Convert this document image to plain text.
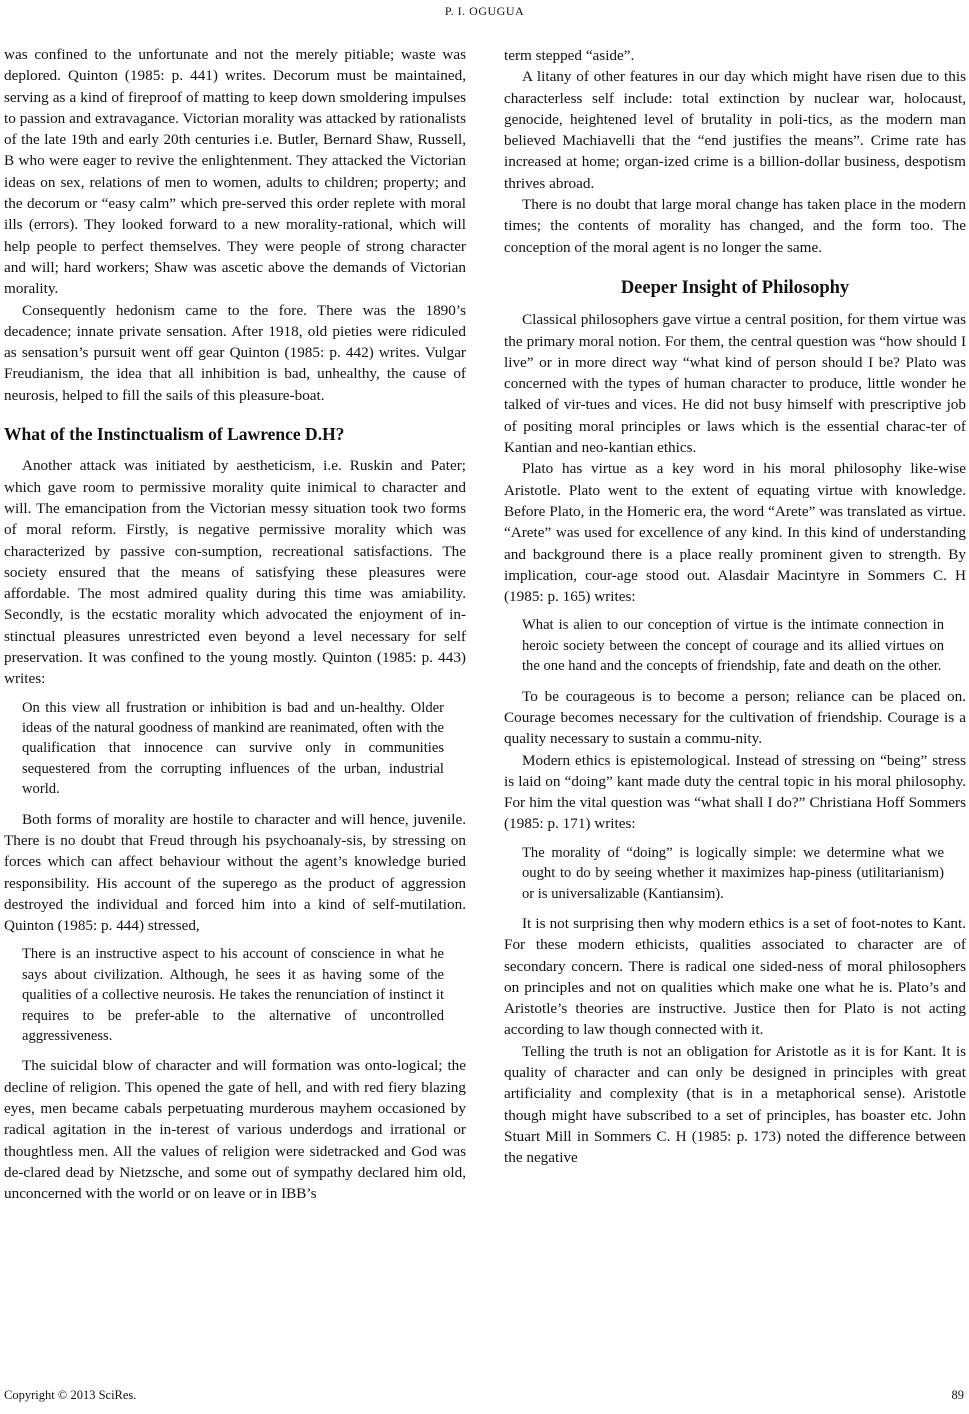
P. I. OGUGUA

was confined to the unfortunate and not the merely pitiable; waste was deplored. Quinton (1985: p. 441) writes. Decorum must be maintained, serving as a kind of fireproof of matting to keep down smoldering impulses to passion and extravagance. Victorian morality was attacked by rationalists of the late 19th and early 20th centuries i.e. Butler, Bernard Shaw, Russell, B who were eager to revive the enlightenment. They attacked the Victorian ideas on sex, relations of men to women, adults to children; property; and the decorum or “easy calm” which pre-served this order replete with moral ills (errors). They looked forward to a new morality-rational, which will help people to perfect themselves. They were people of strong character and will; hard workers; Shaw was ascetic above the demands of Victorian morality.

Consequently hedonism came to the fore. There was the 1890’s decadence; innate private sensation. After 1918, old pieties were ridiculed as sensation’s pursuit went off gear Quinton (1985: p. 442) writes. Vulgar Freudianism, the idea that all inhibition is bad, unhealthy, the cause of neurosis, helped to fill the sails of this pleasure-boat.

What of the Instinctualism of Lawrence D.H?

Another attack was initiated by aestheticism, i.e. Ruskin and Pater; which gave room to permissive morality quite inimical to character and will. The emancipation from the Victorian messy situation took two forms of moral reform. Firstly, is negative permissive morality which was characterized by passive con-sumption, recreational satisfactions. The society ensured that the means of satisfying these pleasures were affordable. The most admired quality during this time was amiability. Secondly, is the ecstatic morality which advocated the enjoyment of in-stinctual pleasures unrestricted even beyond a level necessary for self preservation. It was confined to the young mostly. Quinton (1985: p. 443) writes:

On this view all frustration or inhibition is bad and un-healthy. Older ideas of the natural goodness of mankind are reanimated, often with the qualification that innocence can survive only in communities sequestered from the corrupting influences of the urban, industrial world.

Both forms of morality are hostile to character and will hence, juvenile. There is no doubt that Freud through his psychoanaly-sis, by stressing on forces which can affect behaviour without the agent’s knowledge buried responsibility. His account of the superego as the product of aggression destroyed the individual and forced him into a kind of self-mutilation. Quinton (1985: p. 444) stressed,

There is an instructive aspect to his account of conscience in what he says about civilization. Although, he sees it as having some of the qualities of a collective neurosis. He takes the renunciation of instinct it requires to be prefer-able to the alternative of uncontrolled aggressiveness.

The suicidal blow of character and will formation was onto-logical; the decline of religion. This opened the gate of hell, and with red fiery blazing eyes, men became cabals perpetuating murderous mayhem occasioned by radical agitation in the in-terest of various underdogs and irrational or thoughtless men. All the values of religion were sidetracked and God was de-clared dead by Nietzsche, and some out of sympathy declared him old, unconcerned with the world or on leave or in IBB’s

term stepped “aside”.

A litany of other features in our day which might have risen due to this characterless self include: total extinction by nuclear war, holocaust, genocide, heightened level of brutality in poli-tics, as the modern man believed Machiavelli that the “end justifies the means”. Crime rate has increased at home; organ-ized crime is a billion-dollar business, despotism thrives abroad.

There is no doubt that large moral change has taken place in the modern times; the contents of morality has changed, and the form too. The conception of the moral agent is no longer the same.

Deeper Insight of Philosophy

Classical philosophers gave virtue a central position, for them virtue was the primary moral notion. For them, the central question was “how should I live” or in more direct way “what kind of person should I be? Plato was concerned with the types of human character to produce, little wonder he talked of vir-tues and vices. He did not busy himself with prescriptive job of positing moral principles or laws which is the essential charac-ter of Kantian and neo-kantian ethics.

Plato has virtue as a key word in his moral philosophy like-wise Aristotle. Plato went to the extent of equating virtue with knowledge. Before Plato, in the Homeric era, the word “Arete” was translated as virtue. “Arete” was used for excellence of any kind. In this kind of understanding and background there is a place really prominent given to strength. By implication, cour-age stood out. Alasdair Macintyre in Sommers C. H (1985: p. 165) writes:

What is alien to our conception of virtue is the intimate connection in heroic society between the concept of courage and its allied virtues on the one hand and the concepts of friendship, fate and death on the other.

To be courageous is to become a person; reliance can be placed on. Courage becomes necessary for the cultivation of friendship. Courage is a quality necessary to sustain a commu-nity.

Modern ethics is epistemological. Instead of stressing on “being” stress is laid on “doing” kant made duty the central topic in his moral philosophy. For him the vital question was “what shall I do?” Christiana Hoff Sommers (1985: p. 171) writes:

The morality of “doing” is logically simple: we determine what we ought to do by seeing whether it maximizes hap-piness (utilitarianism) or is universalizable (Kantiansim).

It is not surprising then why modern ethics is a set of foot-notes to Kant. For these modern ethicists, qualities associated to character are of secondary concern. There is radical one sided-ness of moral philosophers on principles and not on qualities which make one what he is. Plato’s and Aristotle’s theories are instructive. Justice then for Plato is not acting according to law though connected with it.

Telling the truth is not an obligation for Aristotle as it is for Kant. It is quality of character and can only be designed in principles with great artificiality and complexity (that is in a metaphorical sense). Aristotle though might have subscribed to a set of principles, has boaster etc. John Stuart Mill in Sommers C. H (1985: p. 173) noted the difference between the negative

Copyright © 2013 SciRes.	89
